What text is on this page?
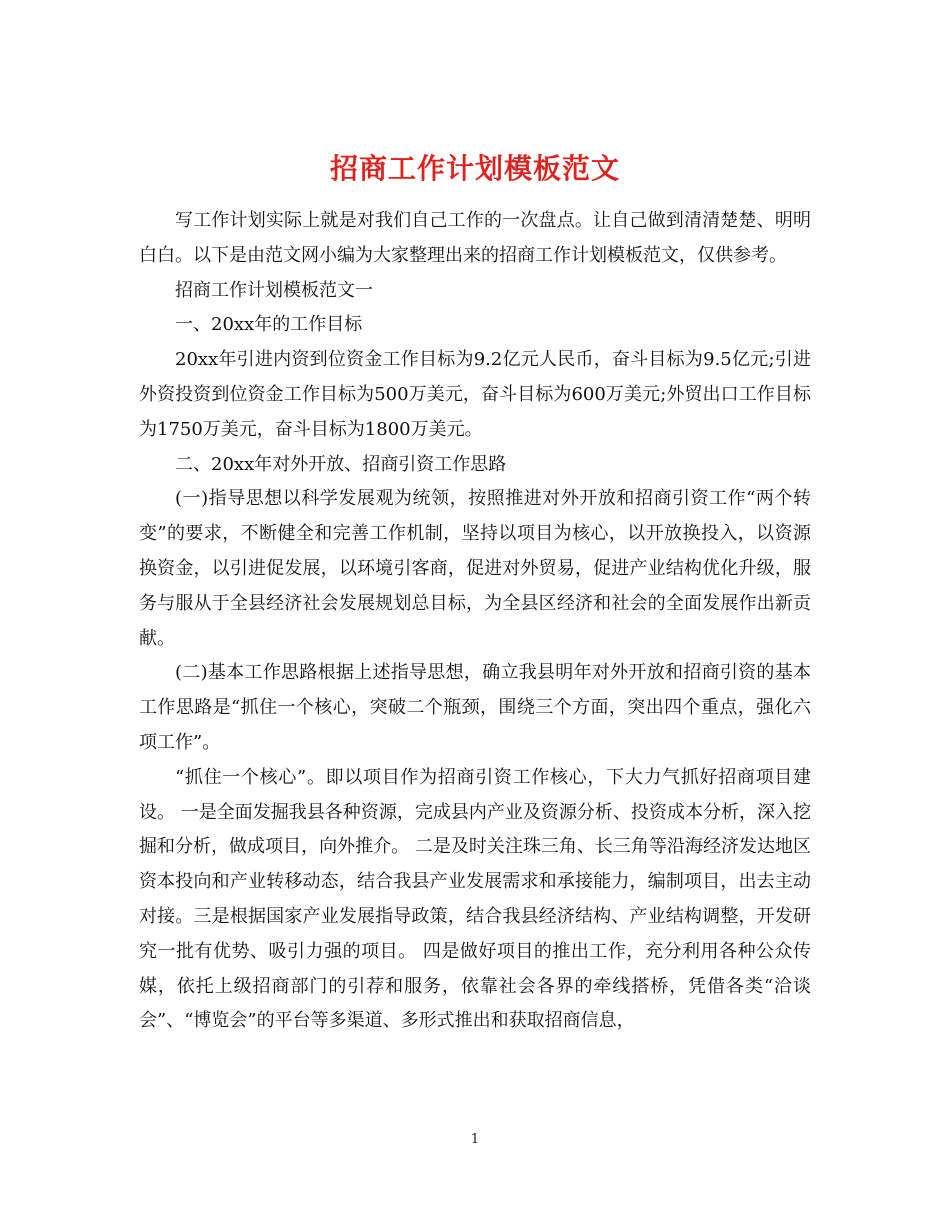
招商工作计划模板范文

写工作计划实际上就是对我们自己工作的一次盘点。让自己做到清清楚楚、明明白白。以下是由范文网小编为大家整理出来的招商工作计划模板范文，仅供参考。

招商工作计划模板范文一

一、20xx年的工作目标

20xx年引进内资到位资金工作目标为9.2亿元人民币，奋斗目标为9.5亿元;引进外资投资到位资金工作目标为500万美元，奋斗目标为600万美元;外贸出口工作目标为1750万美元，奋斗目标为1800万美元。

二、20xx年对外开放、招商引资工作思路

(一)指导思想以科学发展观为统领，按照推进对外开放和招商引资工作“两个转变”的要求，不断健全和完善工作机制，坚持以项目为核心，以开放换投入，以资源换资金，以引进促发展，以环境引客商，促进对外贸易，促进产业结构优化升级，服务与服从于全县经济社会发展规划总目标，为全县区经济和社会的全面发展作出新贡献。

(二)基本工作思路根据上述指导思想，确立我县明年对外开放和招商引资的基本工作思路是“抓住一个核心，突破二个瓶颈，围绕三个方面，突出四个重点，强化六项工作”。

“抓住一个核心”。即以项目作为招商引资工作核心，下大力气抓好招商项目建设。 一是全面发掘我县各种资源，完成县内产业及资源分析、投资成本分析，深入挖掘和分析，做成项目，向外推介。 二是及时关注珠三角、长三角等沿海经济发达地区资本投向和产业转移动态，结合我县产业发展需求和承接能力，编制项目，出去主动对接。三是根据国家产业发展指导政策，结合我县经济结构、产业结构调整，开发研究一批有优势、吸引力强的项目。 四是做好项目的推出工作，充分利用各种公众传媒，依托上级招商部门的引荐和服务，依靠社会各界的牵线搭桥，凭借各类“洽谈会”、“博览会”的平台等多渠道、多形式推出和获取招商信息，

1
